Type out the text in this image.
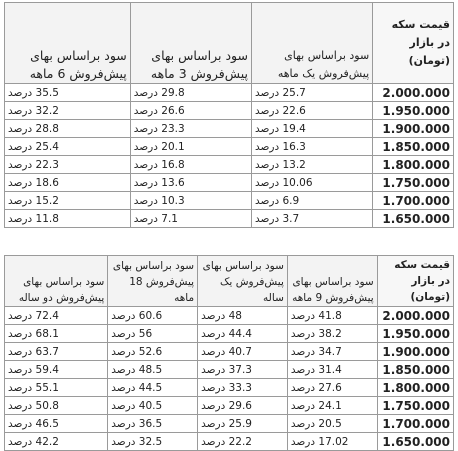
قیمت سکه در بازار (تومان)	سود براساس بهای پیش‌فروش یک ماهه	سود براساس بهای پیش‌فروش 3 ماهه	سود براساس بهای پیش‌فروش 6 ماهه
2.000.000	25.7 درصد	29.8 درصد	35.5 درصد
1.950.000	22.6 درصد	26.6 درصد	32.2 درصد
1.900.000	19.4 درصد	23.3 درصد	28.8 درصد
1.850.000	16.3 درصد	20.1 درصد	25.4 درصد
1.800.000	13.2 درصد	16.8 درصد	22.3 درصد
1.750.000	10.06 درصد	13.6 درصد	18.6 درصد
1.700.000	6.9 درصد	10.3 درصد	15.2 درصد
1.650.000	3.7 درصد	7.1 درصد	11.8 درصد
قیمت سکه در بازار (تومان)	سود براساس بهای پیش‌فروش 9 ماهه	سود براساس بهای پیش‌فروش یک ساله	سود براساس بهای پیش‌فروش 18 ماهه	سود براساس بهای پیش‌فروش دو ساله
2.000.000	41.8 درصد	48 درصد	60.6 درصد	72.4 درصد
1.950.000	38.2 درصد	44.4 درصد	56 درصد	68.1 درصد
1.900.000	34.7 درصد	40.7 درصد	52.6 درصد	63.7 درصد
1.850.000	31.4 درصد	37.3 درصد	48.5 درصد	59.4 درصد
1.800.000	27.6 درصد	33.3 درصد	44.5 درصد	55.1 درصد
1.750.000	24.1 درصد	29.6 درصد	40.5 درصد	50.8 درصد
1.700.000	20.5 درصد	25.9 درصد	36.5 درصد	46.5 درصد
1.650.000	17.02 درصد	22.2 درصد	32.5 درصد	42.2 درصد
